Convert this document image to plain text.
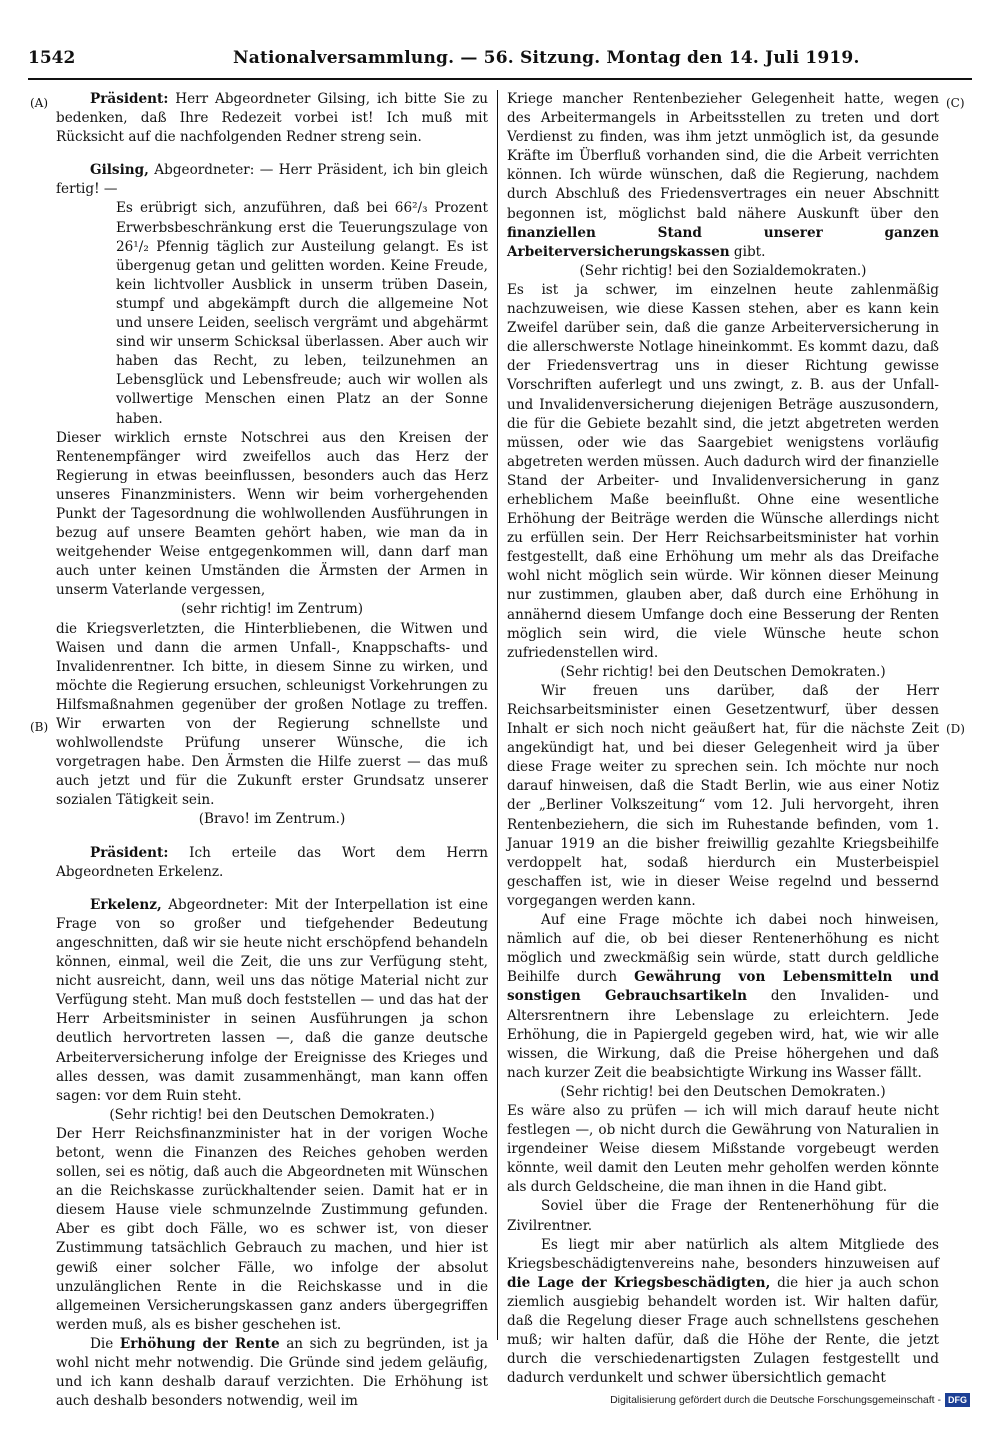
1542	Nationalversammlung. — 56. Sitzung. Montag den 14. Juli 1919.
(A)
(B)
(C)
(D)

Präsident: Herr Abgeordneter Gilsing, ich bitte Sie zu bedenken, daß Ihre Redezeit vorbei ist! Ich muß mit Rücksicht auf die nachfolgenden Redner streng sein.

Gilsing, Abgeordneter: — Herr Präsident, ich bin gleich fertig! —

Es erübrigt sich, anzuführen, daß bei 66²/₃ Prozent Erwerbsbeschränkung erst die Teuerungszulage von 26¹/₂ Pfennig täglich zur Austeilung gelangt. Es ist übergenug getan und gelitten worden. Keine Freude, kein lichtvoller Ausblick in unserm trüben Dasein, stumpf und abgekämpft durch die allgemeine Not und unsere Leiden, seelisch vergrämt und abgehärmt sind wir unserm Schicksal überlassen. Aber auch wir haben das Recht, zu leben, teilzunehmen an Lebensglück und Lebensfreude; auch wir wollen als vollwertige Menschen einen Platz an der Sonne haben.

Dieser wirklich ernste Notschrei aus den Kreisen der Rentenempfänger wird zweifellos auch das Herz der Regierung in etwas beeinflussen, besonders auch das Herz unseres Finanzministers. Wenn wir beim vorhergehenden Punkt der Tagesordnung die wohlwollenden Ausführungen in bezug auf unsere Beamten gehört haben, wie man da in weitgehender Weise entgegenkommen will, dann darf man auch unter keinen Umständen die Ärmsten der Armen in unserm Vaterlande vergessen,

(sehr richtig! im Zentrum)

die Kriegsverletzten, die Hinterbliebenen, die Witwen und Waisen und dann die armen Unfall-, Knappschafts- und Invalidenrentner. Ich bitte, in diesem Sinne zu wirken, und möchte die Regierung ersuchen, schleunigst Vorkehrungen zu Hilfsmaßnahmen gegenüber der großen Notlage zu treffen. Wir erwarten von der Regierung schnellste und wohlwollendste Prüfung unserer Wünsche, die ich vorgetragen habe. Den Ärmsten die Hilfe zuerst — das muß auch jetzt und für die Zukunft erster Grundsatz unserer sozialen Tätigkeit sein.

(Bravo! im Zentrum.)

Präsident: Ich erteile das Wort dem Herrn Abgeordneten Erkelenz.

Erkelenz, Abgeordneter: Mit der Interpellation ist eine Frage von so großer und tiefgehender Bedeutung angeschnitten, daß wir sie heute nicht erschöpfend behandeln können, einmal, weil die Zeit, die uns zur Verfügung steht, nicht ausreicht, dann, weil uns das nötige Material nicht zur Verfügung steht. Man muß doch feststellen — und das hat der Herr Arbeitsminister in seinen Ausführungen ja schon deutlich hervortreten lassen —, daß die ganze deutsche Arbeiterversicherung infolge der Ereignisse des Krieges und alles dessen, was damit zusammenhängt, man kann offen sagen: vor dem Ruin steht.

(Sehr richtig! bei den Deutschen Demokraten.)

Der Herr Reichsfinanzminister hat in der vorigen Woche betont, wenn die Finanzen des Reiches gehoben werden sollen, sei es nötig, daß auch die Abgeordneten mit Wünschen an die Reichskasse zurückhaltender seien. Damit hat er in diesem Hause viele schmunzelnde Zustimmung gefunden. Aber es gibt doch Fälle, wo es schwer ist, von dieser Zustimmung tatsächlich Gebrauch zu machen, und hier ist gewiß einer solcher Fälle, wo infolge der absolut unzulänglichen Rente in die Reichskasse und in die allgemeinen Versicherungskassen ganz anders übergegriffen werden muß, als es bisher geschehen ist.

Die Erhöhung der Rente an sich zu begründen, ist ja wohl nicht mehr notwendig. Die Gründe sind jedem geläufig, und ich kann deshalb darauf verzichten. Die Erhöhung ist auch deshalb besonders notwendig, weil im

Kriege mancher Rentenbezieher Gelegenheit hatte, wegen des Arbeitermangels in Arbeitsstellen zu treten und dort Verdienst zu finden, was ihm jetzt unmöglich ist, da gesunde Kräfte im Überfluß vorhanden sind, die die Arbeit verrichten können. Ich würde wünschen, daß die Regierung, nachdem durch Abschluß des Friedensvertrages ein neuer Abschnitt begonnen ist, möglichst bald nähere Auskunft über den finanziellen Stand unserer ganzen Arbeiterversicherungskassen gibt.

(Sehr richtig! bei den Sozialdemokraten.)

Es ist ja schwer, im einzelnen heute zahlenmäßig nachzuweisen, wie diese Kassen stehen, aber es kann kein Zweifel darüber sein, daß die ganze Arbeiterversicherung in die allerschwerste Notlage hineinkommt. Es kommt dazu, daß der Friedensvertrag uns in dieser Richtung gewisse Vorschriften auferlegt und uns zwingt, z. B. aus der Unfall- und Invalidenversicherung diejenigen Beträge auszusondern, die für die Gebiete bezahlt sind, die jetzt abgetreten werden müssen, oder wie das Saargebiet wenigstens vorläufig abgetreten werden müssen. Auch dadurch wird der finanzielle Stand der Arbeiter- und Invalidenversicherung in ganz erheblichem Maße beeinflußt. Ohne eine wesentliche Erhöhung der Beiträge werden die Wünsche allerdings nicht zu erfüllen sein. Der Herr Reichsarbeitsminister hat vorhin festgestellt, daß eine Erhöhung um mehr als das Dreifache wohl nicht möglich sein würde. Wir können dieser Meinung nur zustimmen, glauben aber, daß durch eine Erhöhung in annähernd diesem Umfange doch eine Besserung der Renten möglich sein wird, die viele Wünsche heute schon zufriedenstellen wird.

(Sehr richtig! bei den Deutschen Demokraten.)

Wir freuen uns darüber, daß der Herr Reichsarbeitsminister einen Gesetzentwurf, über dessen Inhalt er sich noch nicht geäußert hat, für die nächste Zeit angekündigt hat, und bei dieser Gelegenheit wird ja über diese Frage weiter zu sprechen sein. Ich möchte nur noch darauf hinweisen, daß die Stadt Berlin, wie aus einer Notiz der „Berliner Volkszeitung“ vom 12. Juli hervorgeht, ihren Rentenbeziehern, die sich im Ruhestande befinden, vom 1. Januar 1919 an die bisher freiwillig gezahlte Kriegsbeihilfe verdoppelt hat, sodaß hierdurch ein Musterbeispiel geschaffen ist, wie in dieser Weise regelnd und bessernd vorgegangen werden kann.

Auf eine Frage möchte ich dabei noch hinweisen, nämlich auf die, ob bei dieser Rentenerhöhung es nicht möglich und zweckmäßig sein würde, statt durch geldliche Beihilfe durch Gewährung von Lebensmitteln und sonstigen Gebrauchsartikeln den Invaliden- und Altersrentnern ihre Lebenslage zu erleichtern. Jede Erhöhung, die in Papiergeld gegeben wird, hat, wie wir alle wissen, die Wirkung, daß die Preise höhergehen und daß nach kurzer Zeit die beabsichtigte Wirkung ins Wasser fällt.

(Sehr richtig! bei den Deutschen Demokraten.)

Es wäre also zu prüfen — ich will mich darauf heute nicht festlegen —, ob nicht durch die Gewährung von Naturalien in irgendeiner Weise diesem Mißstande vorgebeugt werden könnte, weil damit den Leuten mehr geholfen werden könnte als durch Geldscheine, die man ihnen in die Hand gibt.

Soviel über die Frage der Rentenerhöhung für die Zivilrentner.

Es liegt mir aber natürlich als altem Mitgliede des Kriegsbeschädigtenvereins nahe, besonders hinzuweisen auf die Lage der Kriegsbeschädigten, die hier ja auch schon ziemlich ausgiebig behandelt worden ist. Wir halten dafür, daß die Regelung dieser Frage auch schnellstens geschehen muß; wir halten dafür, daß die Höhe der Rente, die jetzt durch die verschiedenartigsten Zulagen festgestellt und dadurch verdunkelt und schwer übersichtlich gemacht

Digitalisierung gefördert durch die Deutsche Forschungsgemeinschaft - DFG
